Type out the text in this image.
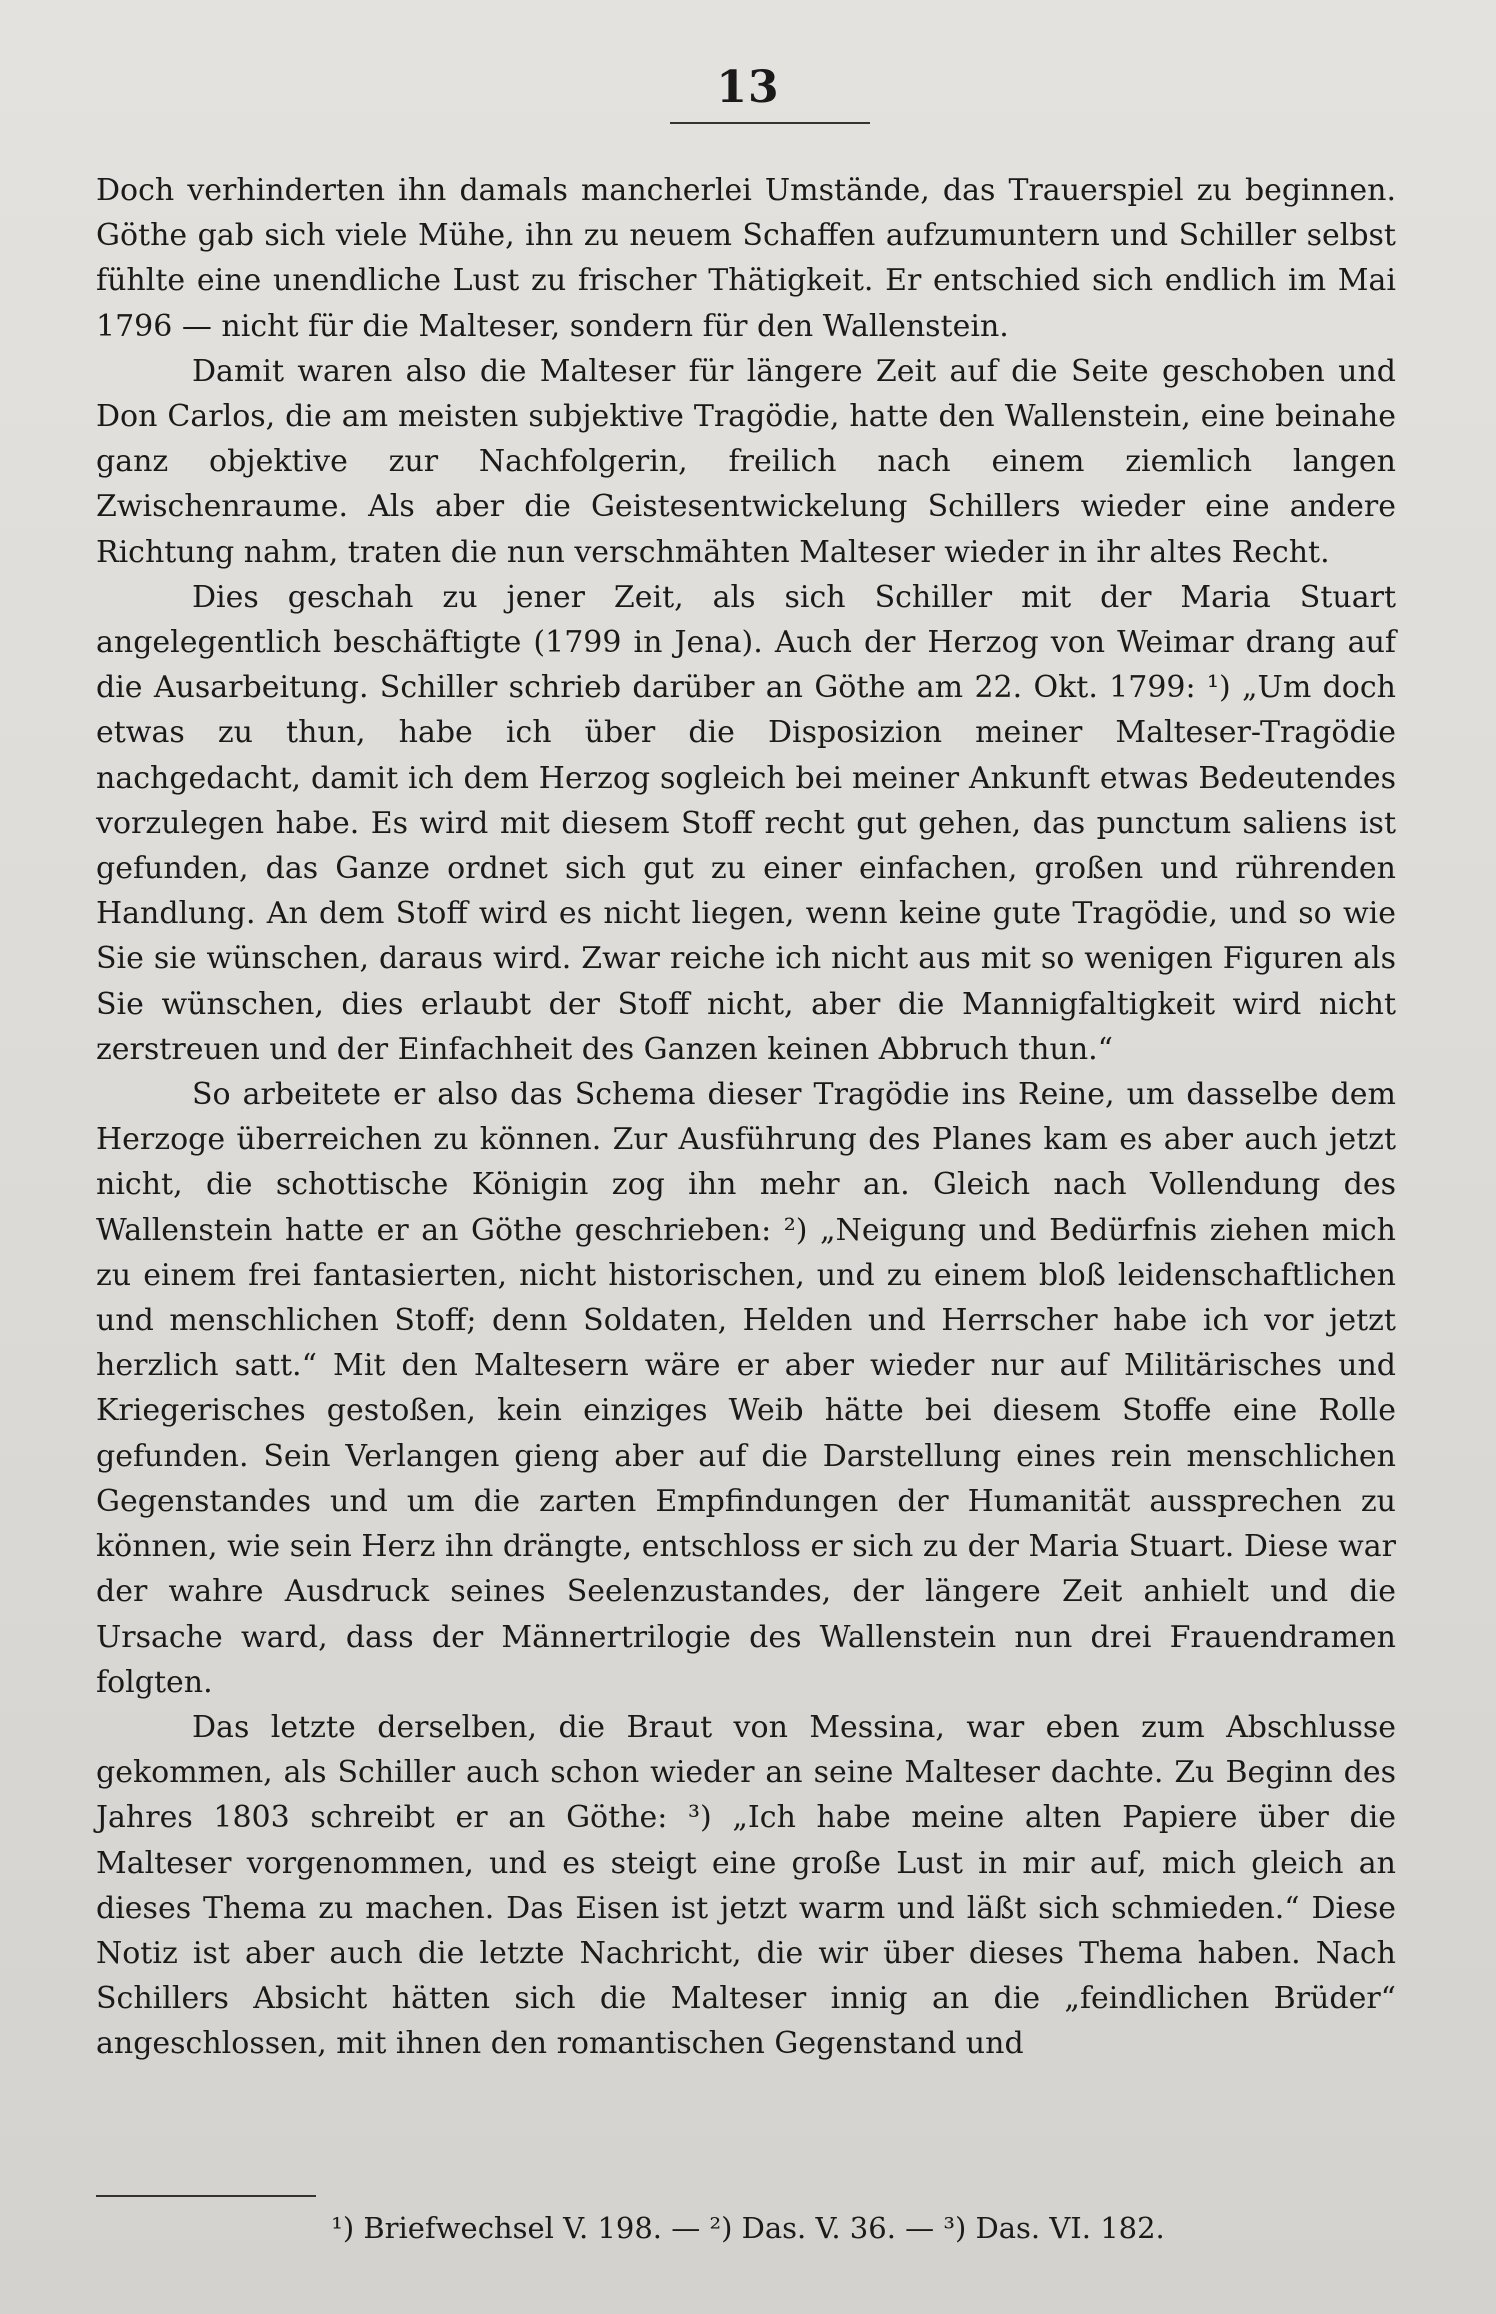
13

Doch verhinderten ihn damals mancherlei Umstände, das Trauerspiel zu beginnen. Göthe gab sich viele Mühe, ihn zu neuem Schaffen aufzumuntern und Schiller selbst fühlte eine unendliche Lust zu frischer Thätigkeit. Er entschied sich endlich im Mai 1796 — nicht für die Malteser, sondern für den Wallenstein.

Damit waren also die Malteser für längere Zeit auf die Seite geschoben und Don Carlos, die am meisten subjektive Tragödie, hatte den Wallenstein, eine beinahe ganz objektive zur Nachfolgerin, freilich nach einem ziemlich langen Zwischenraume. Als aber die Geistesentwickelung Schillers wieder eine andere Richtung nahm, traten die nun verschmähten Malteser wieder in ihr altes Recht.

Dies geschah zu jener Zeit, als sich Schiller mit der Maria Stuart angelegentlich beschäftigte (1799 in Jena). Auch der Herzog von Weimar drang auf die Ausarbeitung. Schiller schrieb darüber an Göthe am 22. Okt. 1799: ¹) „Um doch etwas zu thun, habe ich über die Disposizion meiner Malteser-Tragödie nachgedacht, damit ich dem Herzog sogleich bei meiner Ankunft etwas Bedeutendes vorzulegen habe. Es wird mit diesem Stoff recht gut gehen, das punctum saliens ist gefunden, das Ganze ordnet sich gut zu einer einfachen, großen und rührenden Handlung. An dem Stoff wird es nicht liegen, wenn keine gute Tragödie, und so wie Sie sie wünschen, daraus wird. Zwar reiche ich nicht aus mit so wenigen Figuren als Sie wünschen, dies erlaubt der Stoff nicht, aber die Mannigfaltigkeit wird nicht zerstreuen und der Einfachheit des Ganzen keinen Abbruch thun.“

So arbeitete er also das Schema dieser Tragödie ins Reine, um dasselbe dem Herzoge überreichen zu können. Zur Ausführung des Planes kam es aber auch jetzt nicht, die schottische Königin zog ihn mehr an. Gleich nach Vollendung des Wallenstein hatte er an Göthe geschrieben: ²) „Neigung und Bedürfnis ziehen mich zu einem frei fantasierten, nicht historischen, und zu einem bloß leidenschaftlichen und menschlichen Stoff; denn Soldaten, Helden und Herrscher habe ich vor jetzt herzlich satt.“ Mit den Maltesern wäre er aber wieder nur auf Militärisches und Kriegerisches gestoßen, kein einziges Weib hätte bei diesem Stoffe eine Rolle gefunden. Sein Verlangen gieng aber auf die Darstellung eines rein menschlichen Gegenstandes und um die zarten Empfindungen der Humanität aussprechen zu können, wie sein Herz ihn drängte, entschloss er sich zu der Maria Stuart. Diese war der wahre Ausdruck seines Seelenzustandes, der längere Zeit anhielt und die Ursache ward, dass der Männertrilogie des Wallenstein nun drei Frauendramen folgten.

Das letzte derselben, die Braut von Messina, war eben zum Abschlusse gekommen, als Schiller auch schon wieder an seine Malteser dachte. Zu Beginn des Jahres 1803 schreibt er an Göthe: ³) „Ich habe meine alten Papiere über die Malteser vorgenommen, und es steigt eine große Lust in mir auf, mich gleich an dieses Thema zu machen. Das Eisen ist jetzt warm und läßt sich schmieden.“ Diese Notiz ist aber auch die letzte Nachricht, die wir über dieses Thema haben. Nach Schillers Absicht hätten sich die Malteser innig an die „feindlichen Brüder“ angeschlossen, mit ihnen den romantischen Gegenstand und

¹) Briefwechsel V. 198. — ²) Das. V. 36. — ³) Das. VI. 182.
